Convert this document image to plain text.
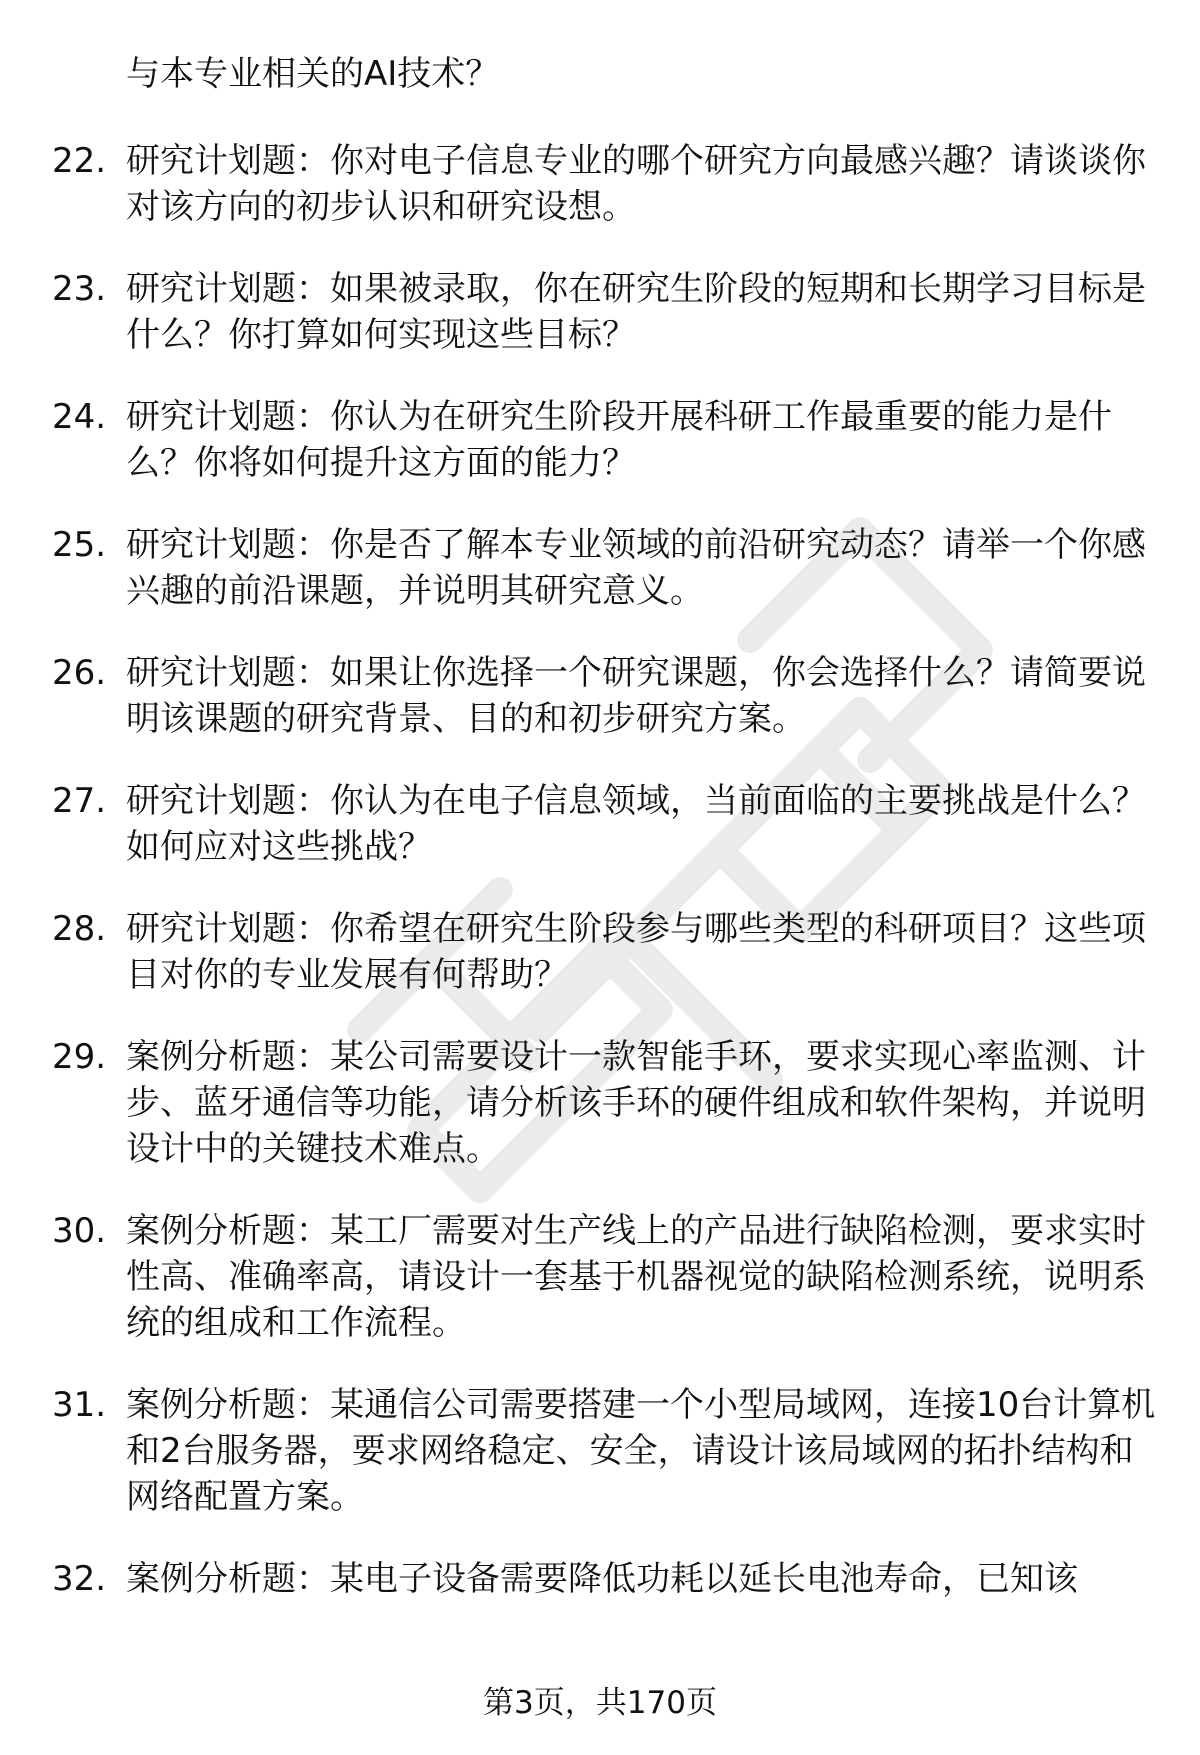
与本专业相关的AI技术？
22. 研究计划题：你对电子信息专业的哪个研究方向最感兴趣？请谈谈你对该方向的初步认识和研究设想。
23. 研究计划题：如果被录取，你在研究生阶段的短期和长期学习目标是什么？你打算如何实现这些目标？
24. 研究计划题：你认为在研究生阶段开展科研工作最重要的能力是什么？你将如何提升这方面的能力？
25. 研究计划题：你是否了解本专业领域的前沿研究动态？请举一个你感兴趣的前沿课题，并说明其研究意义。
26. 研究计划题：如果让你选择一个研究课题，你会选择什么？请简要说明该课题的研究背景、目的和初步研究方案。
27. 研究计划题：你认为在电子信息领域，当前面临的主要挑战是什么？如何应对这些挑战？
28. 研究计划题：你希望在研究生阶段参与哪些类型的科研项目？这些项目对你的专业发展有何帮助？
29. 案例分析题：某公司需要设计一款智能手环，要求实现心率监测、计步、蓝牙通信等功能，请分析该手环的硬件组成和软件架构，并说明设计中的关键技术难点。
30. 案例分析题：某工厂需要对生产线上的产品进行缺陷检测，要求实时性高、准确率高，请设计一套基于机器视觉的缺陷检测系统，说明系统的组成和工作流程。
31. 案例分析题：某通信公司需要搭建一个小型局域网，连接10台计算机和2台服务器，要求网络稳定、安全，请设计该局域网的拓扑结构和网络配置方案。
32. 案例分析题：某电子设备需要降低功耗以延长电池寿命，已知该
第3页，共170页
